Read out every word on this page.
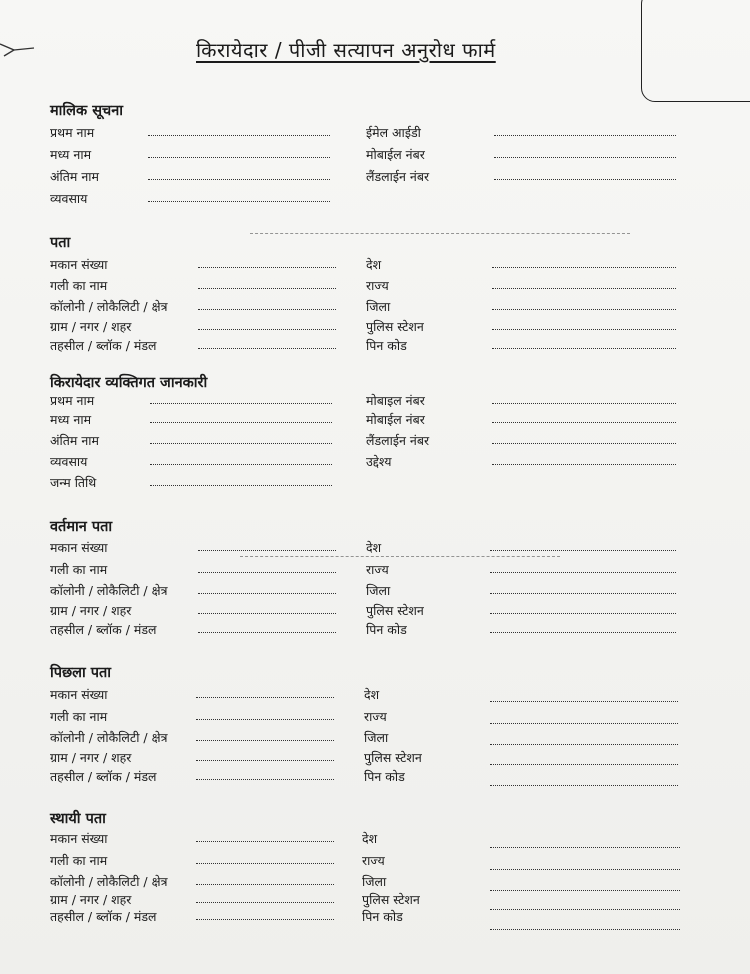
किरायेदार / पीजी सत्यापन अनुरोध फार्म
मालिक सूचना
प्रथम नाम	ईमेल आईडी
मध्य नाम	मोबाईल नंबर
अंतिम नाम	लैंडलाईन नंबर
व्यवसाय
पता
मकान संख्या	देश
गली का नाम	राज्य
कॉलोनी / लोकैलिटी / क्षेत्र	जिला
ग्राम / नगर / शहर	पुलिस स्टेशन
तहसील / ब्लॉक / मंडल	पिन कोड
किरायेदार व्यक्तिगत जानकारी
प्रथम नाम	मोबाइल नंबर
मध्य नाम	मोबाईल नंबर
अंतिम नाम	लैंडलाईन नंबर
व्यवसाय	उद्देश्य
जन्म तिथि
वर्तमान पता
मकान संख्या	देश
गली का नाम	राज्य
कॉलोनी / लोकैलिटी / क्षेत्र	जिला
ग्राम / नगर / शहर	पुलिस स्टेशन
तहसील / ब्लॉक / मंडल	पिन कोड
पिछला पता
मकान संख्या	देश
गली का नाम	राज्य
कॉलोनी / लोकैलिटी / क्षेत्र	जिला
ग्राम / नगर / शहर	पुलिस स्टेशन
तहसील / ब्लॉक / मंडल	पिन कोड
स्थायी पता
मकान संख्या	देश
गली का नाम	राज्य
कॉलोनी / लोकैलिटी / क्षेत्र	जिला
ग्राम / नगर / शहर	पुलिस स्टेशन
तहसील / ब्लॉक / मंडल	पिन कोड
